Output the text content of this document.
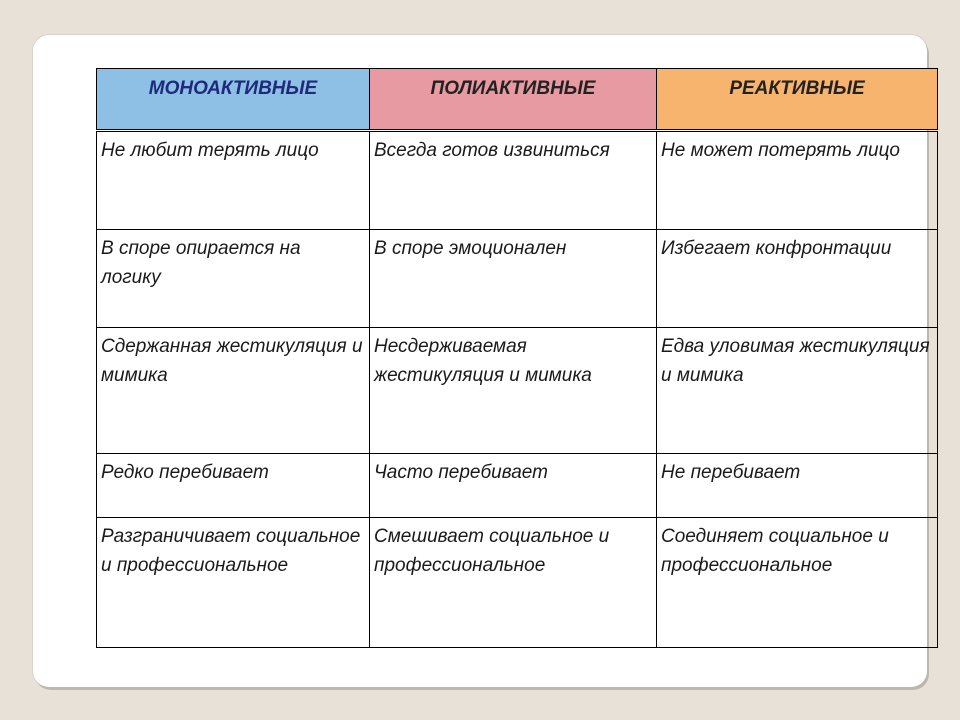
МОНОАКТИВНЫЕ	ПОЛИАКТИВНЫЕ	РЕАКТИВНЫЕ
Не любит терять лицо	Всегда готов извиниться	Не может потерять лицо
В споре опирается на логику	В споре эмоционален	Избегает конфронтации
Сдержанная жестикуляция и мимика	Несдерживаемая жестикуляция и мимика	Едва уловимая жестикуляция и мимика
Редко перебивает	Часто перебивает	Не перебивает
Разграничивает социальное и профессиональное	Смешивает социальное и профессиональное	Соединяет социальное и профессиональное
